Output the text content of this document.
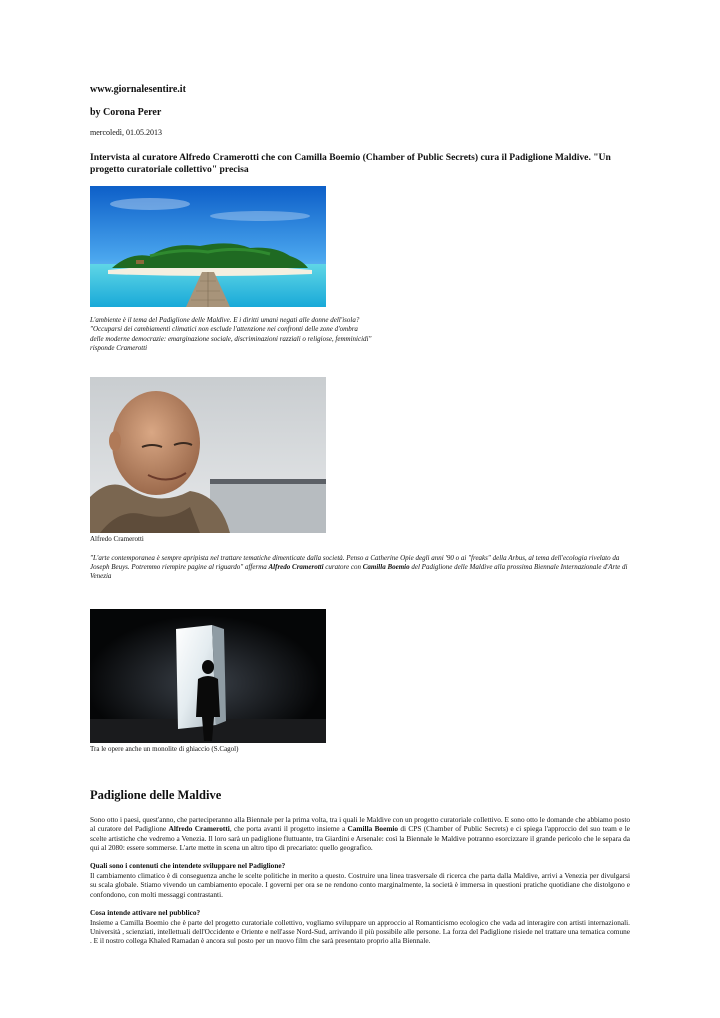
www.giornalesentire.it
by Corona Perer
mercoledì, 01.05.2013
Intervista al curatore Alfredo Cramerotti che con Camilla Boemio (Chamber of Public Secrets) cura il Padiglione Maldive. "Un progetto curatoriale collettivo" precisa
L'ambiente è il tema del Padiglione delle Maldive. E i diritti umani negati alle donne dell'isola?
"Occuparsi dei cambiamenti climatici non esclude l'attenzione nei confronti delle zone d'ombra
delle moderne democrazie: emarginazione sociale, discriminazioni razziali o religiose, femminicidi"
risponde Cramerotti
Alfredo Cramerotti
"L'arte contemporanea è sempre apripista nel trattare tematiche dimenticate dalla società. Penso a Catherine Opie degli anni '90 o ai "freaks" della Arbus, al tema dell'ecologia rivelato da Joseph Beuys. Potremmo riempire pagine al riguardo" afferma Alfredo Cramerotti curatore con Camilla Boemio del Padiglione delle Maldive alla prossima Biennale Internazionale d'Arte di Venezia
Tra le opere anche un monolite di ghiaccio (S.Cagol)
Padiglione delle Maldive
Sono otto i paesi, quest'anno, che parteciperanno alla Biennale per la prima volta, tra i quali le Maldive con un progetto curatoriale collettivo. E sono otto le domande che abbiamo posto al curatore del Padiglione Alfredo Cramerotti, che porta avanti il progetto insieme a Camilla Boemio di CPS (Chamber of Public Secrets) e ci spiega l'approccio del suo team e le scelte artistiche che vedremo a Venezia. Il loro sarà un padiglione fluttuante, tra Giardini e Arsenale: così la Biennale le Maldive potranno esorcizzare il grande pericolo che le separa da qui al 2080: essere sommerse. L'arte mette in scena un altro tipo di precariato: quello geografico.
Quali sono i contenuti che intendete sviluppare nel Padiglione?
Il cambiamento climatico è di conseguenza anche le scelte politiche in merito a questo. Costruire una linea trasversale di ricerca che parta dalla Maldive, arrivi a Venezia per divulgarsi su scala globale. Stiamo vivendo un cambiamento epocale. I governi per ora se ne rendono conto marginalmente, la società è immersa in questioni pratiche quotidiane che distolgono e confondono, con molti messaggi contrastanti.
Cosa intende attivare nel pubblico?
Insieme a Camilla Boemio che è parte del progetto curatoriale collettivo, vogliamo sviluppare un approccio al Romanticismo ecologico che vada ad interagire con artisti internazionali. Università , scienziati, intellettuali dell'Occidente e Oriente e nell'asse Nord-Sud, arrivando il più possibile alle persone. La forza del Padiglione risiede nel trattare una tematica comune . E il nostro collega Khaled Ramadan è ancora sul posto per un nuovo film che sarà presentato proprio alla Biennale.
